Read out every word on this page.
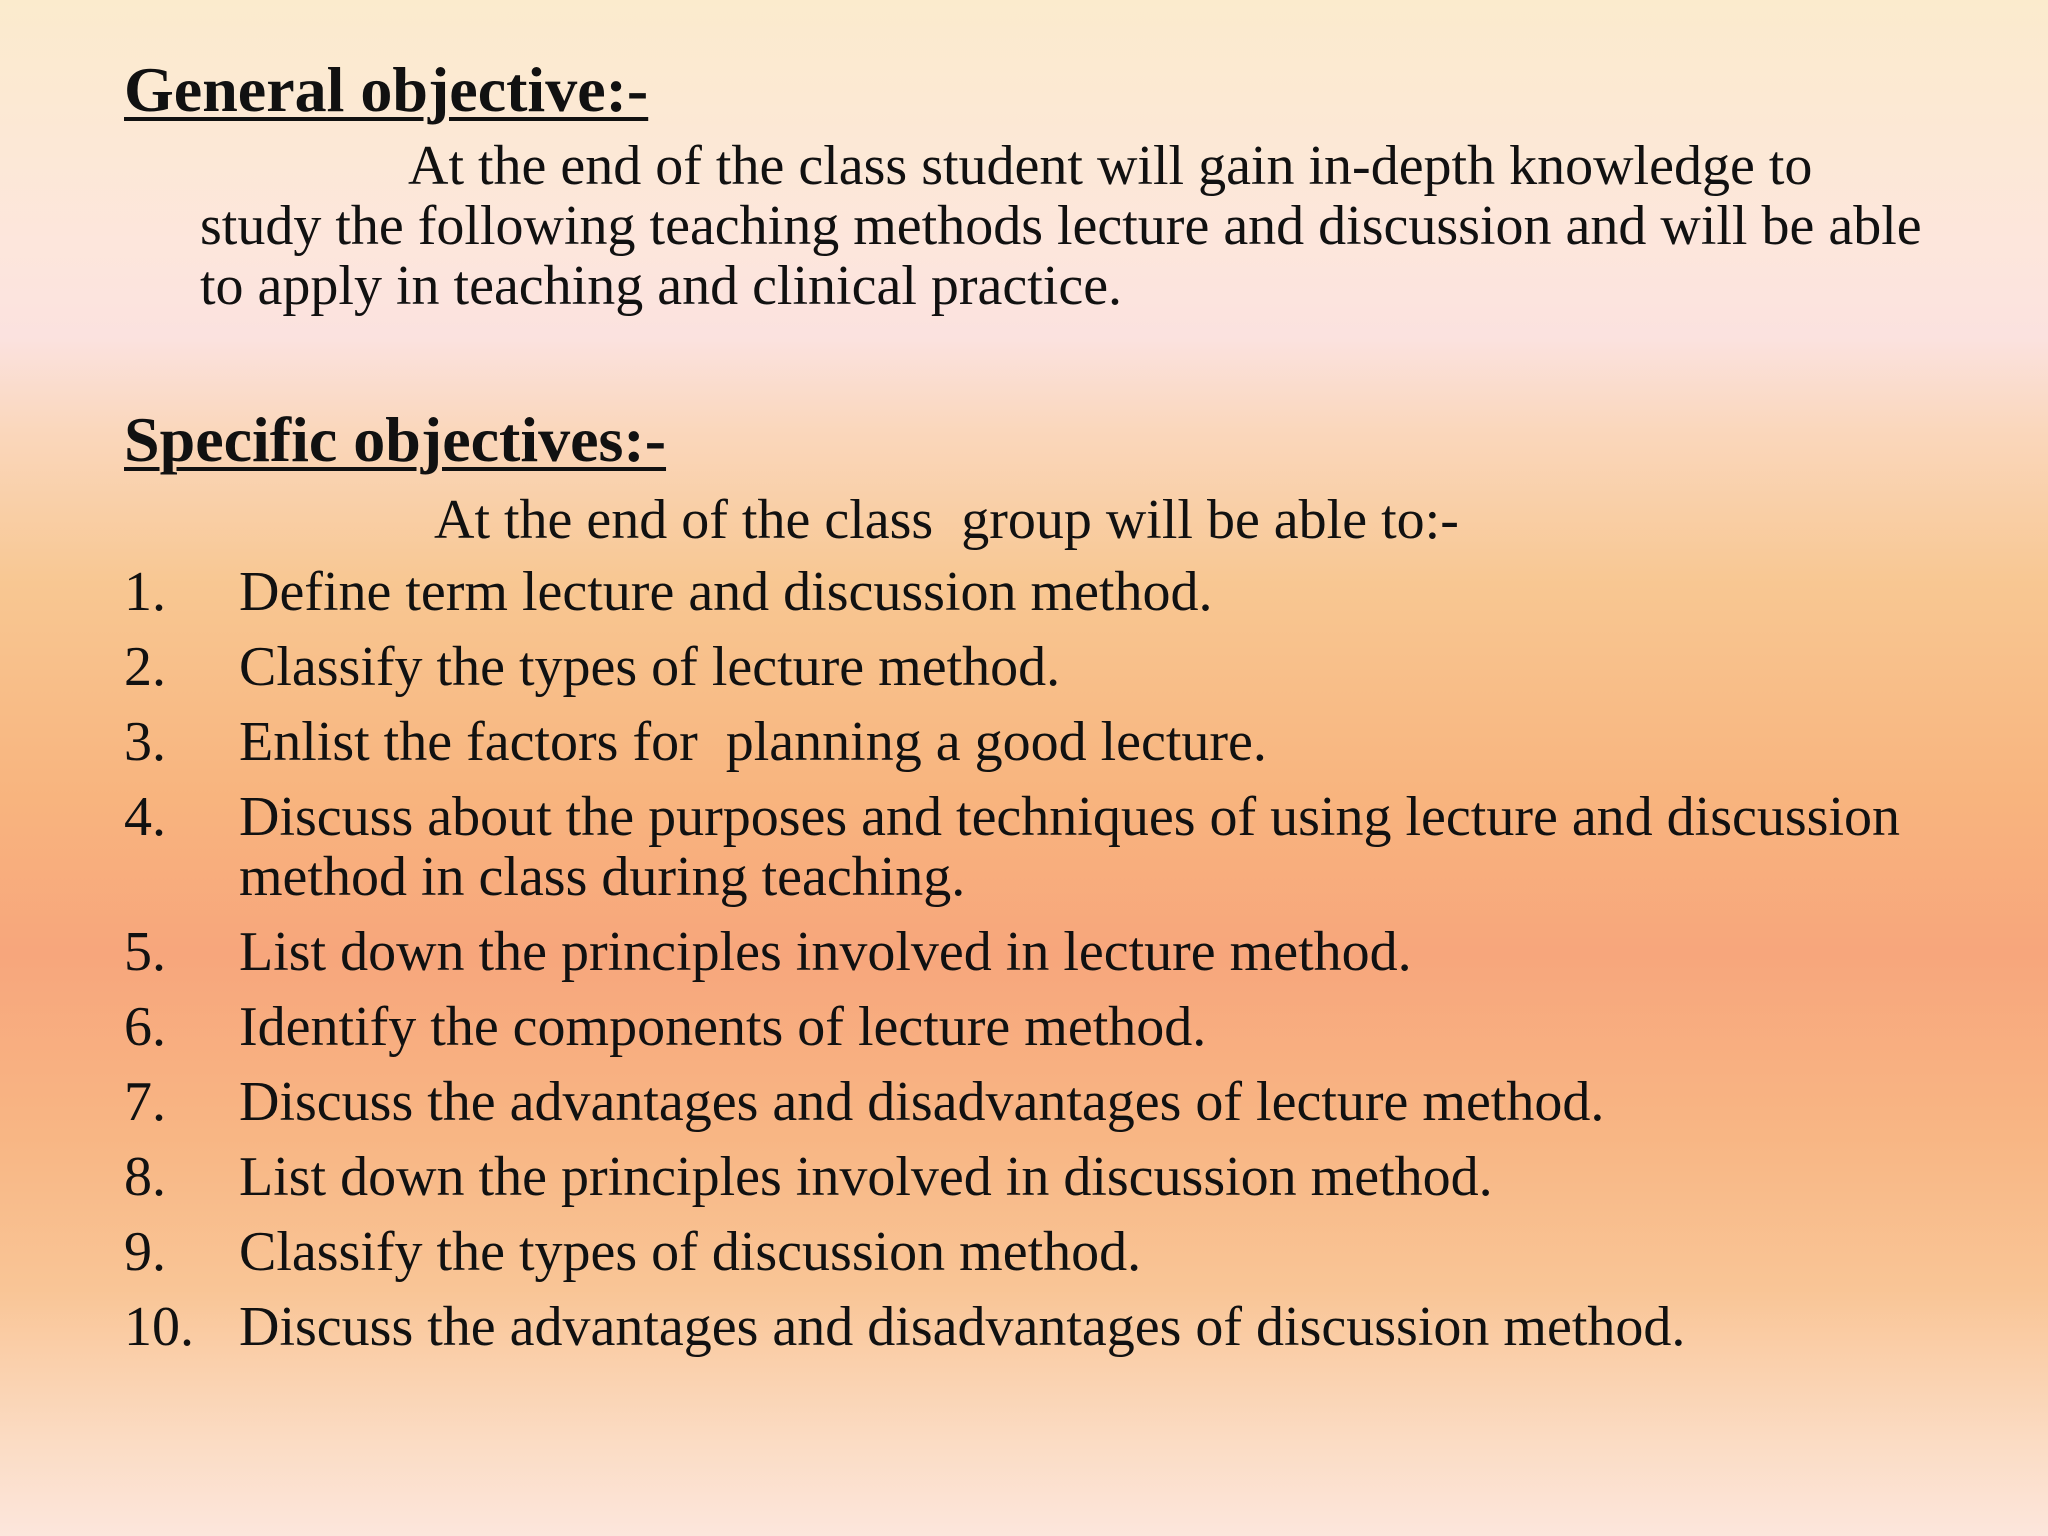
General objective:-

At the end of the class student will gain in-depth knowledge to study the following teaching methods lecture and discussion and will be able to apply in teaching and clinical practice.

Specific objectives:-

At the end of the class  group will be able to:-

1.	Define term lecture and discussion method.
2.	Classify the types of lecture method.
3.	Enlist the factors for  planning a good lecture.
4.	Discuss about the purposes and techniques of using lecture and discussion method in class during teaching.
5.	List down the principles involved in lecture method.
6.	Identify the components of lecture method.
7.	Discuss the advantages and disadvantages of lecture method.
8.	List down the principles involved in discussion method.
9.	Classify the types of discussion method.
10. Discuss the advantages and disadvantages of discussion method.
